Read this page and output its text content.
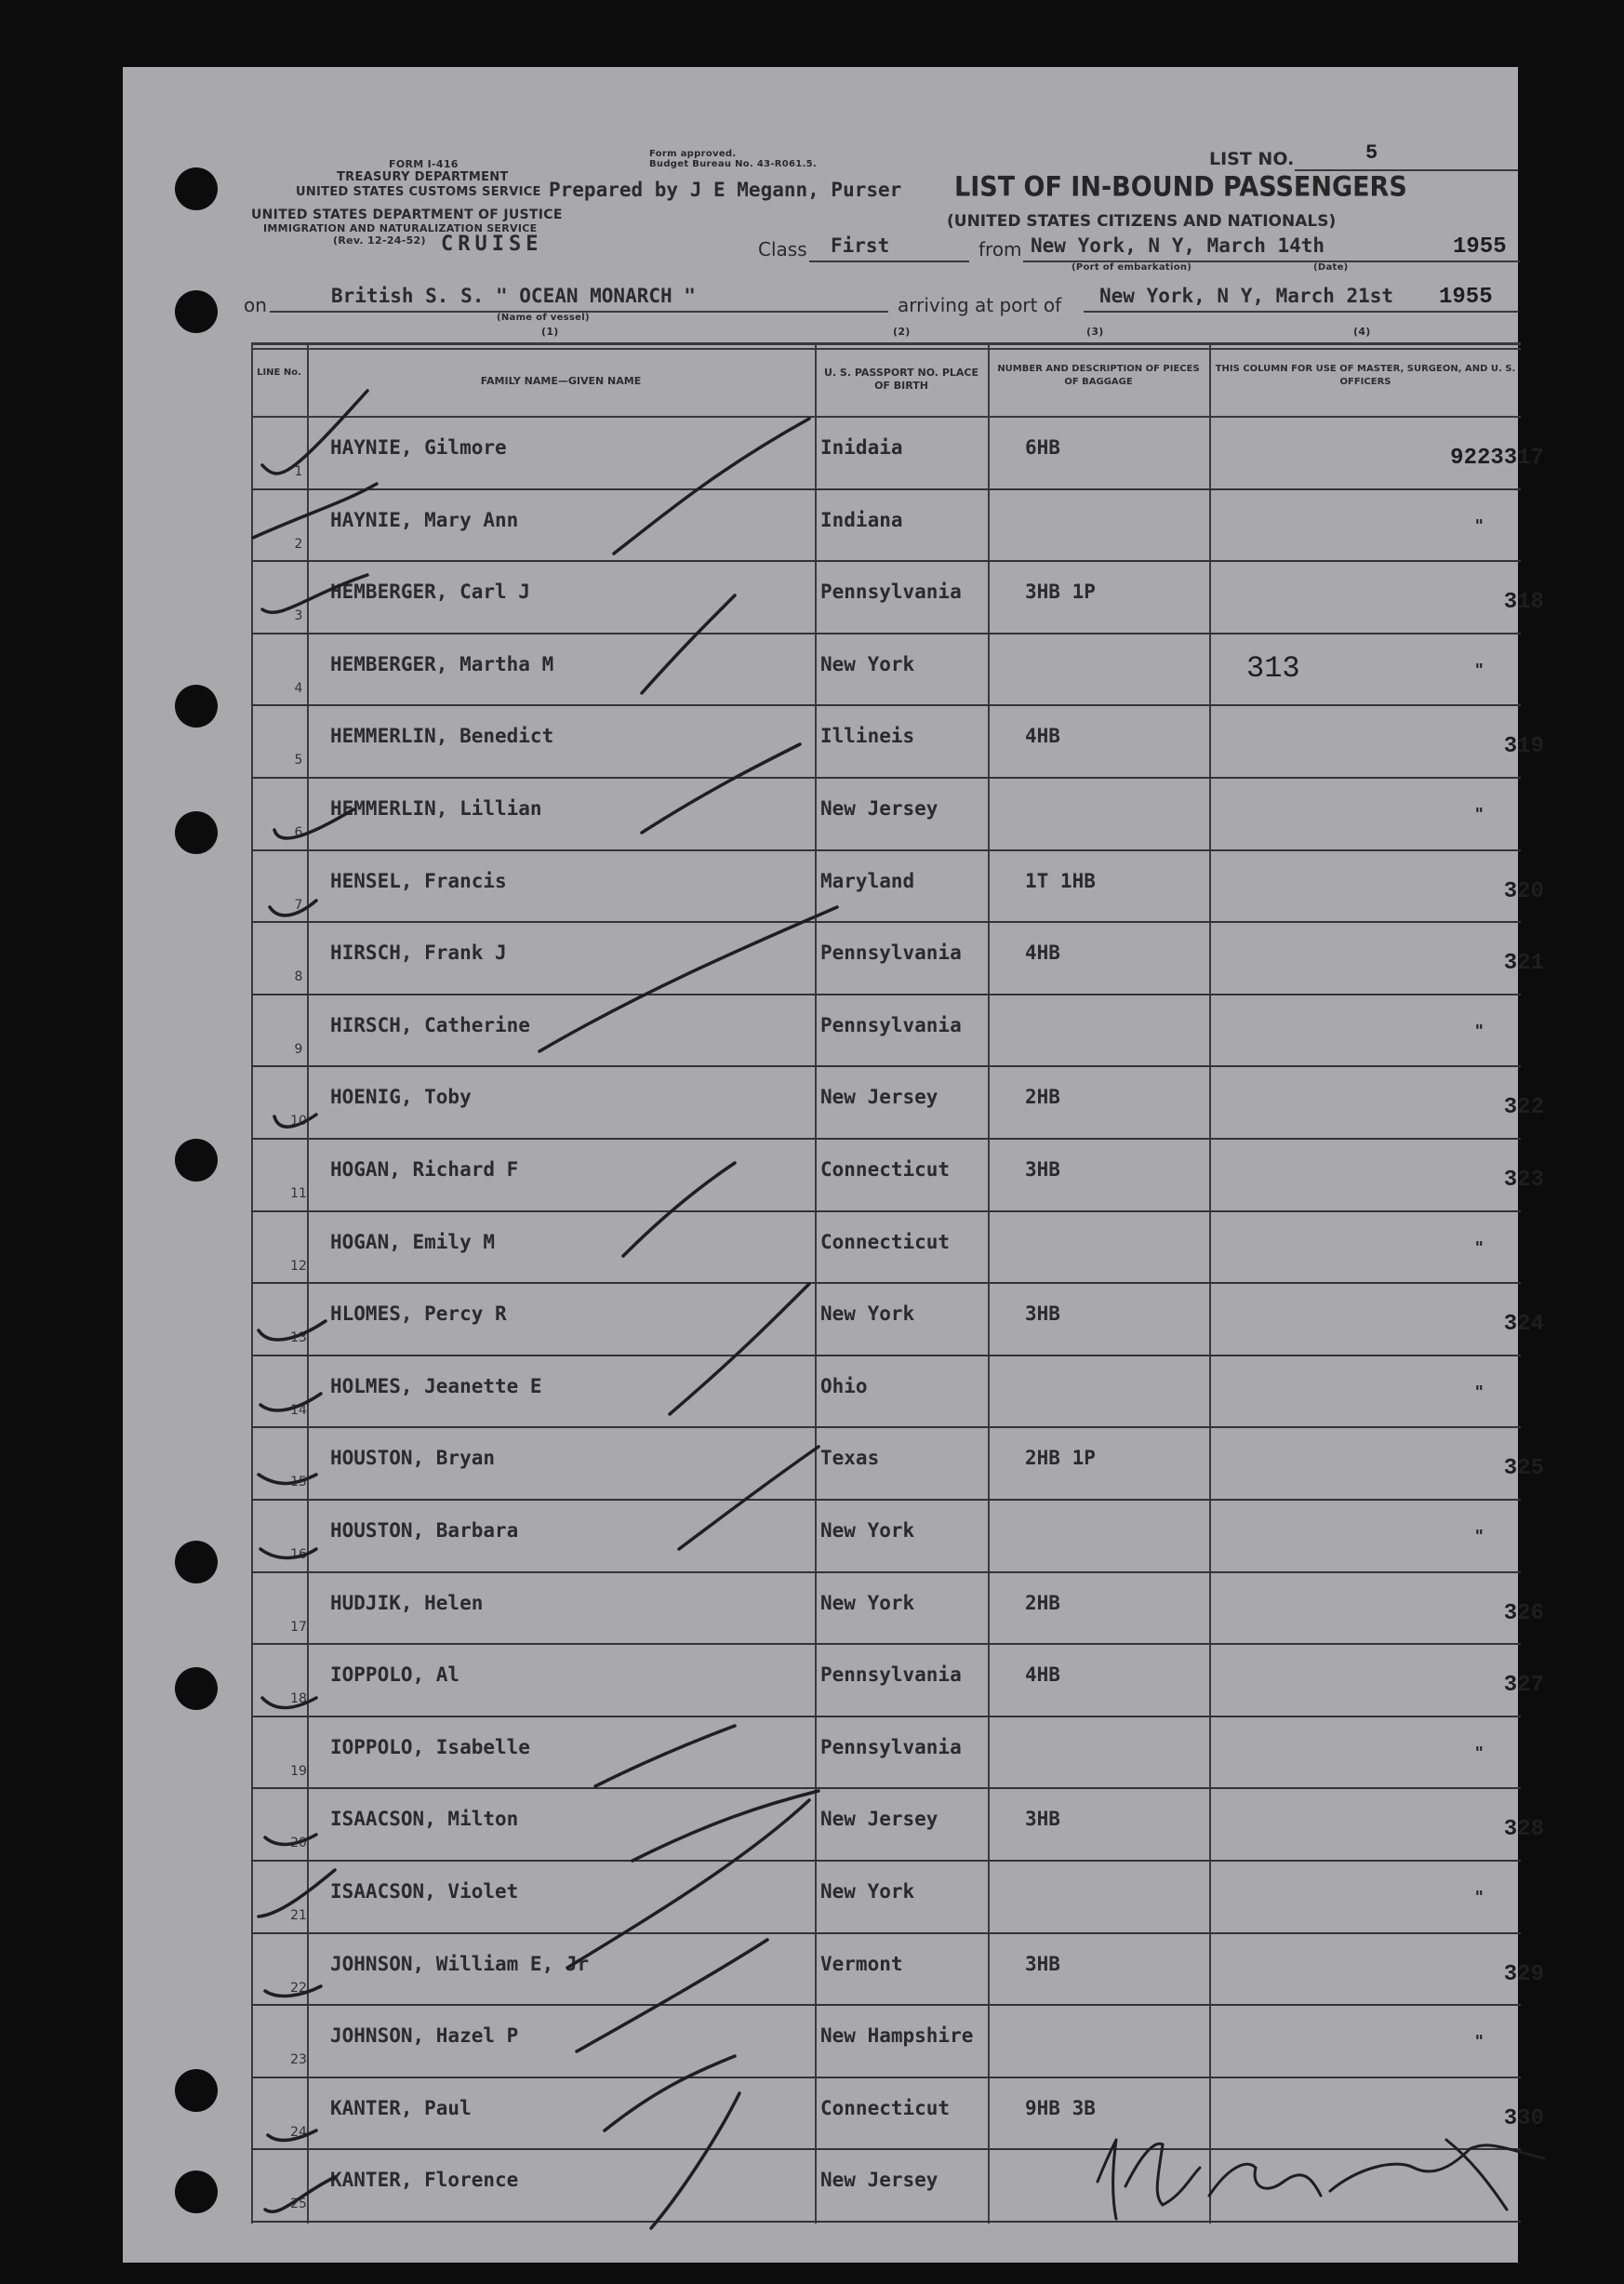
FORM I-416
TREASURY DEPARTMENT
UNITED STATES CUSTOMS SERVICE
UNITED STATES DEPARTMENT OF JUSTICE
IMMIGRATION AND NATURALIZATION SERVICE
(Rev. 12-24-52) CRUISE
Form approved.
Budget Bureau No. 43-R061.5.
Prepared by J E Megann, Purser
LIST NO.	5
LIST OF IN-BOUND PASSENGERS
(UNITED STATES CITIZENS AND NATIONALS)
Class First	from New York, N Y, March 14th	1955
(Port of embarkation)	(Date)
on	British S. S. " OCEAN MONARCH "
(Name of vessel)
(1)
arriving at port of New York, N Y, March 21st 1955
(2)	(3)	(4)
LINE No.
FAMILY NAME—GIVEN NAME
U. S. PASSPORT NO. PLACE OF BIRTH
NUMBER AND DESCRIPTION OF PIECES OF BAGGAGE
THIS COLUMN FOR USE OF MASTER, SURGEON, AND U. S. OFFICERS
1
HAYNIE, Gilmore	Inidaia	6HB	9223317
2
HAYNIE, Mary Ann	Indiana	"
3
HEMBERGER, Carl J	Pennsylvania	3HB 1P	318
4
HEMBERGER, Martha M	New York	"
5
HEMMERLIN, Benedict	Illineis	4HB	319
6
HEMMERLIN, Lillian	New Jersey	"
7
HENSEL, Francis	Maryland	1T 1HB	320
8
HIRSCH, Frank J	Pennsylvania	4HB	321
9
HIRSCH, Catherine	Pennsylvania	"
10
HOENIG, Toby	New Jersey	2HB	322
11
HOGAN, Richard F	Connecticut	3HB	323
12
HOGAN, Emily M	Connecticut	"
13
HLOMES, Percy R	New York	3HB	324
14
HOLMES, Jeanette E	Ohio	"
15
HOUSTON, Bryan	Texas	2HB 1P	325
16
HOUSTON, Barbara	New York	"
17
HUDJIK, Helen	New York	2HB	326
18
IOPPOLO, Al	Pennsylvania	4HB	327
19
IOPPOLO, Isabelle	Pennsylvania	"
20
ISAACSON, Milton	New Jersey	3HB	328
21
ISAACSON, Violet	New York	"
22
JOHNSON, William E, Jr	Vermont	3HB	329
23
JOHNSON, Hazel P	New Hampshire	"
24
KANTER, Paul	Connecticut	9HB 3B	330
25
KANTER, Florence	New Jersey
313
